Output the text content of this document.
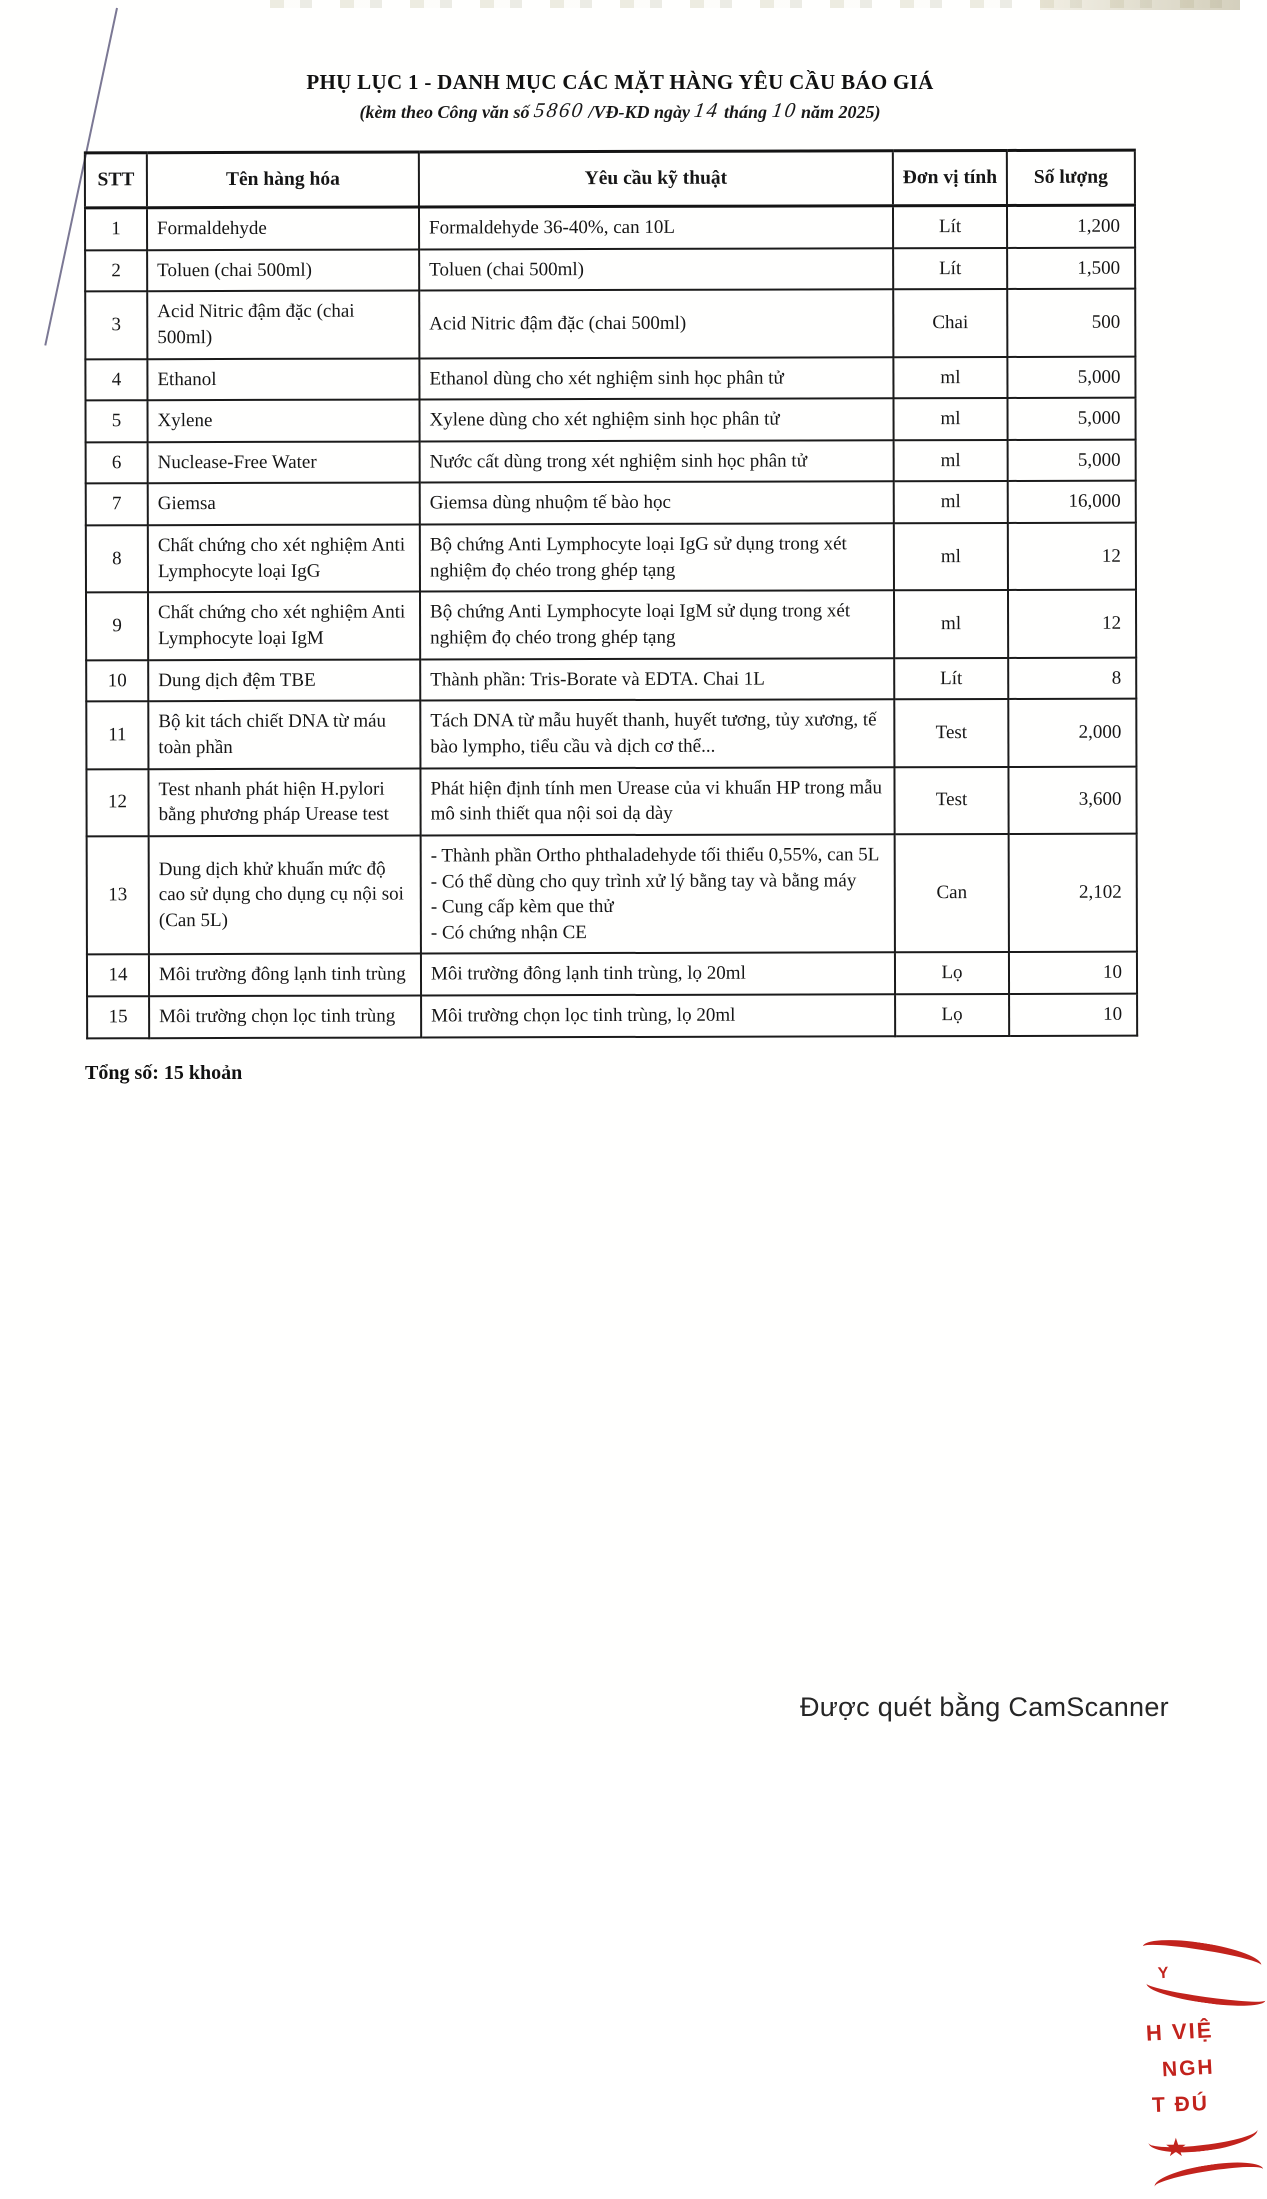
PHỤ LỤC 1 - DANH MỤC CÁC MẶT HÀNG YÊU CẦU BÁO GIÁ
(kèm theo Công văn số 5860 /VĐ-KD ngày 14 tháng 10 năm 2025)
STT	Tên hàng hóa	Yêu cầu kỹ thuật	Đơn vị tính	Số lượng
1	Formaldehyde	Formaldehyde 36-40%, can 10L	Lít	1,200
2	Toluen (chai 500ml)	Toluen (chai 500ml)	Lít	1,500
3	Acid Nitric đậm đặc (chai 500ml)	Acid Nitric đậm đặc (chai 500ml)	Chai	500
4	Ethanol	Ethanol dùng cho xét nghiệm sinh học phân tử	ml	5,000
5	Xylene	Xylene dùng cho xét nghiệm sinh học phân tử	ml	5,000
6	Nuclease-Free Water	Nước cất dùng trong xét nghiệm sinh học phân tử	ml	5,000
7	Giemsa	Giemsa dùng nhuộm tế bào học	ml	16,000
8	Chất chứng cho xét nghiệm Anti Lymphocyte loại IgG	Bộ chứng Anti Lymphocyte loại IgG sử dụng trong xét nghiệm đọ chéo trong ghép tạng	ml	12
9	Chất chứng cho xét nghiệm Anti Lymphocyte loại IgM	Bộ chứng Anti Lymphocyte loại IgM sử dụng trong xét nghiệm đọ chéo trong ghép tạng	ml	12
10	Dung dịch đệm TBE	Thành phần: Tris-Borate và EDTA. Chai 1L	Lít	8
11	Bộ kit tách chiết DNA từ máu toàn phần	Tách DNA từ mẫu huyết thanh, huyết tương, tủy xương, tế bào lympho, tiểu cầu và dịch cơ thể...	Test	2,000
12	Test nhanh phát hiện H.pylori bằng phương pháp Urease test	Phát hiện định tính men Urease của vi khuẩn HP trong mẫu mô sinh thiết qua nội soi dạ dày	Test	3,600
13	Dung dịch khử khuẩn mức độ cao sử dụng cho dụng cụ nội soi (Can 5L)	- Thành phần Ortho phthaladehyde tối thiểu 0,55%, can 5L
- Có thể dùng cho quy trình xử lý bằng tay và bằng máy
- Cung cấp kèm que thử
- Có chứng nhận CE	Can	2,102
14	Môi trường đông lạnh tinh trùng	Môi trường đông lạnh tinh trùng, lọ 20ml	Lọ	10
15	Môi trường chọn lọc tinh trùng	Môi trường chọn lọc tinh trùng, lọ 20ml	Lọ	10
Tổng số: 15 khoản
Y
H VIỆ
NGH
T ĐÚ
★
Được quét bằng CamScanner
